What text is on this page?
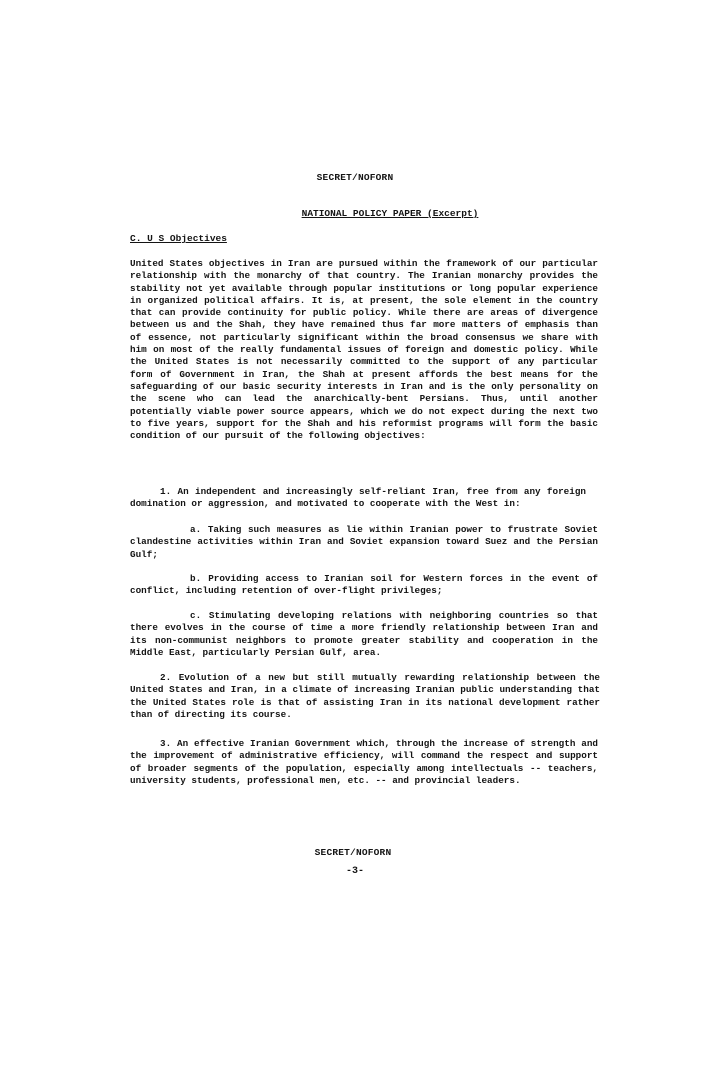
SECRET/NOFORN
NATIONAL POLICY PAPER (Excerpt)
C. U S Objectives
United States objectives in Iran are pursued within the framework of our particular relationship with the monarchy of that country. The Iranian monarchy provides the stability not yet available through popular institutions or long popular experience in organized political affairs. It is, at present, the sole element in the country that can provide continuity for public policy. While there are areas of divergence between us and the Shah, they have remained thus far more matters of emphasis than of essence, not particularly significant within the broad consensus we share with him on most of the really fundamental issues of foreign and domestic policy. While the United States is not necessarily committed to the support of any particular form of Government in Iran, the Shah at present affords the best means for the safeguarding of our basic security interests in Iran and is the only personality on the scene who can lead the anarchically-bent Persians. Thus, until another potentially viable power source appears, which we do not expect during the next two to five years, support for the Shah and his reformist programs will form the basic condition of our pursuit of the following objectives:
1. An independent and increasingly self-reliant Iran, free from any foreign domination or aggression, and motivated to cooperate with the West in:
a. Taking such measures as lie within Iranian power to frustrate Soviet clandestine activities within Iran and Soviet expansion toward Suez and the Persian Gulf;
b. Providing access to Iranian soil for Western forces in the event of conflict, including retention of over-flight privileges;
c. Stimulating developing relations with neighboring countries so that there evolves in the course of time a more friendly relationship between Iran and its non-communist neighbors to promote greater stability and cooperation in the Middle East, particularly Persian Gulf, area.
2. Evolution of a new but still mutually rewarding relationship between the United States and Iran, in a climate of increasing Iranian public understanding that the United States role is that of assisting Iran in its national development rather than of directing its course.
3. An effective Iranian Government which, through the increase of strength and the improvement of administrative efficiency, will command the respect and support of broader segments of the population, especially among intellectuals -- teachers, university students, professional men, etc. -- and provincial leaders.
SECRET/NOFORN
-3-
